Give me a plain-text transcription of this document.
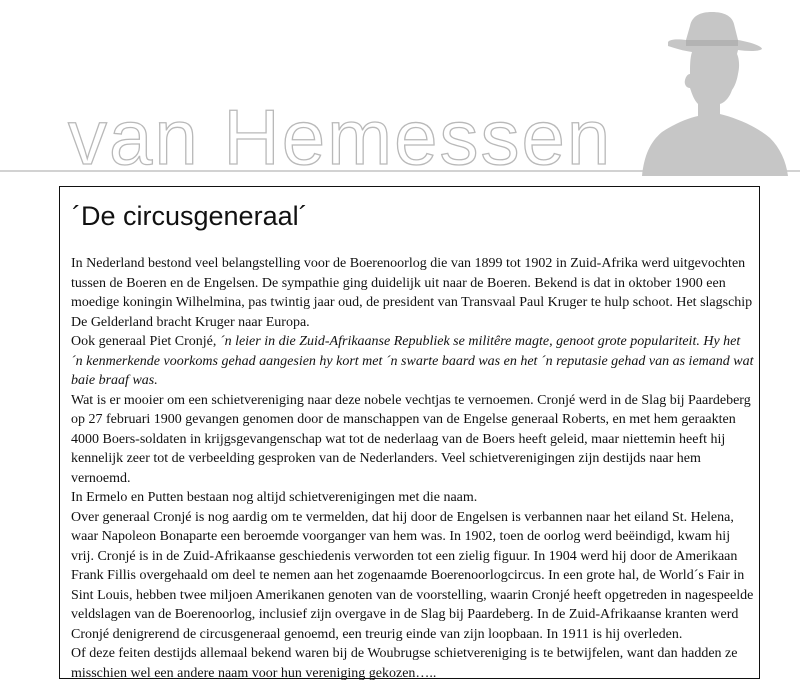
van Hemessen
´De circusgeneraal´

In Nederland bestond veel belangstelling voor de Boerenoorlog die van 1899 tot 1902 in Zuid-Afrika werd uitgevochten tussen de Boeren en de Engelsen. De sympathie ging duidelijk uit naar de Boeren. Bekend is dat in oktober 1900 een moedige koningin Wilhelmina, pas twintig jaar oud, de president van Transvaal Paul Kruger te hulp schoot. Het slagschip De Gelderland bracht Kruger naar Europa.

Ook generaal Piet Cronjé, ´n leier in die Zuid-Afrikaanse Republiek se militêre magte, genoot grote populariteit. Hy het ´n kenmerkende voorkoms gehad aangesien hy kort met ´n swarte baard was en het ´n reputasie gehad van as iemand wat baie braaf was.

Wat is er mooier om een schietvereniging naar deze nobele vechtjas te vernoemen. Cronjé werd in de Slag bij Paardeberg op 27 februari 1900 gevangen genomen door de manschappen van de Engelse generaal Roberts, en met hem geraakten 4000 Boers-soldaten in krijgsgevangenschap wat tot de nederlaag van de Boers heeft geleid, maar niettemin heeft hij kennelijk zeer tot de verbeelding gesproken van de Nederlanders. Veel schietverenigingen zijn destijds naar hem vernoemd.

In Ermelo en Putten bestaan nog altijd schietverenigingen met die naam.

Over generaal Cronjé is nog aardig om te vermelden, dat hij door de Engelsen is verbannen naar het eiland St. Helena, waar Napoleon Bonaparte een beroemde voorganger van hem was. In 1902, toen de oorlog werd beëindigd, kwam hij vrij. Cronjé is in de Zuid-Afrikaanse geschiedenis verworden tot een zielig figuur. In 1904 werd hij door de Amerikaan Frank Fillis overgehaald om deel te nemen aan het zogenaamde Boerenoorlogcircus. In een grote hal, de World´s Fair in Sint Louis, hebben twee miljoen Amerikanen genoten van de voorstelling, waarin Cronjé heeft opgetreden in nagespeelde veldslagen van de Boerenoorlog, inclusief zijn overgave in de Slag bij Paardeberg. In de Zuid-Afrikaanse kranten werd Cronjé denigrerend de circusgeneraal genoemd, een treurig einde van zijn loopbaan. In 1911 is hij overleden.

Of deze feiten destijds allemaal bekend waren bij de Woubrugse schietvereniging is te betwijfelen, want dan hadden ze misschien wel een andere naam voor hun vereniging gekozen…..
